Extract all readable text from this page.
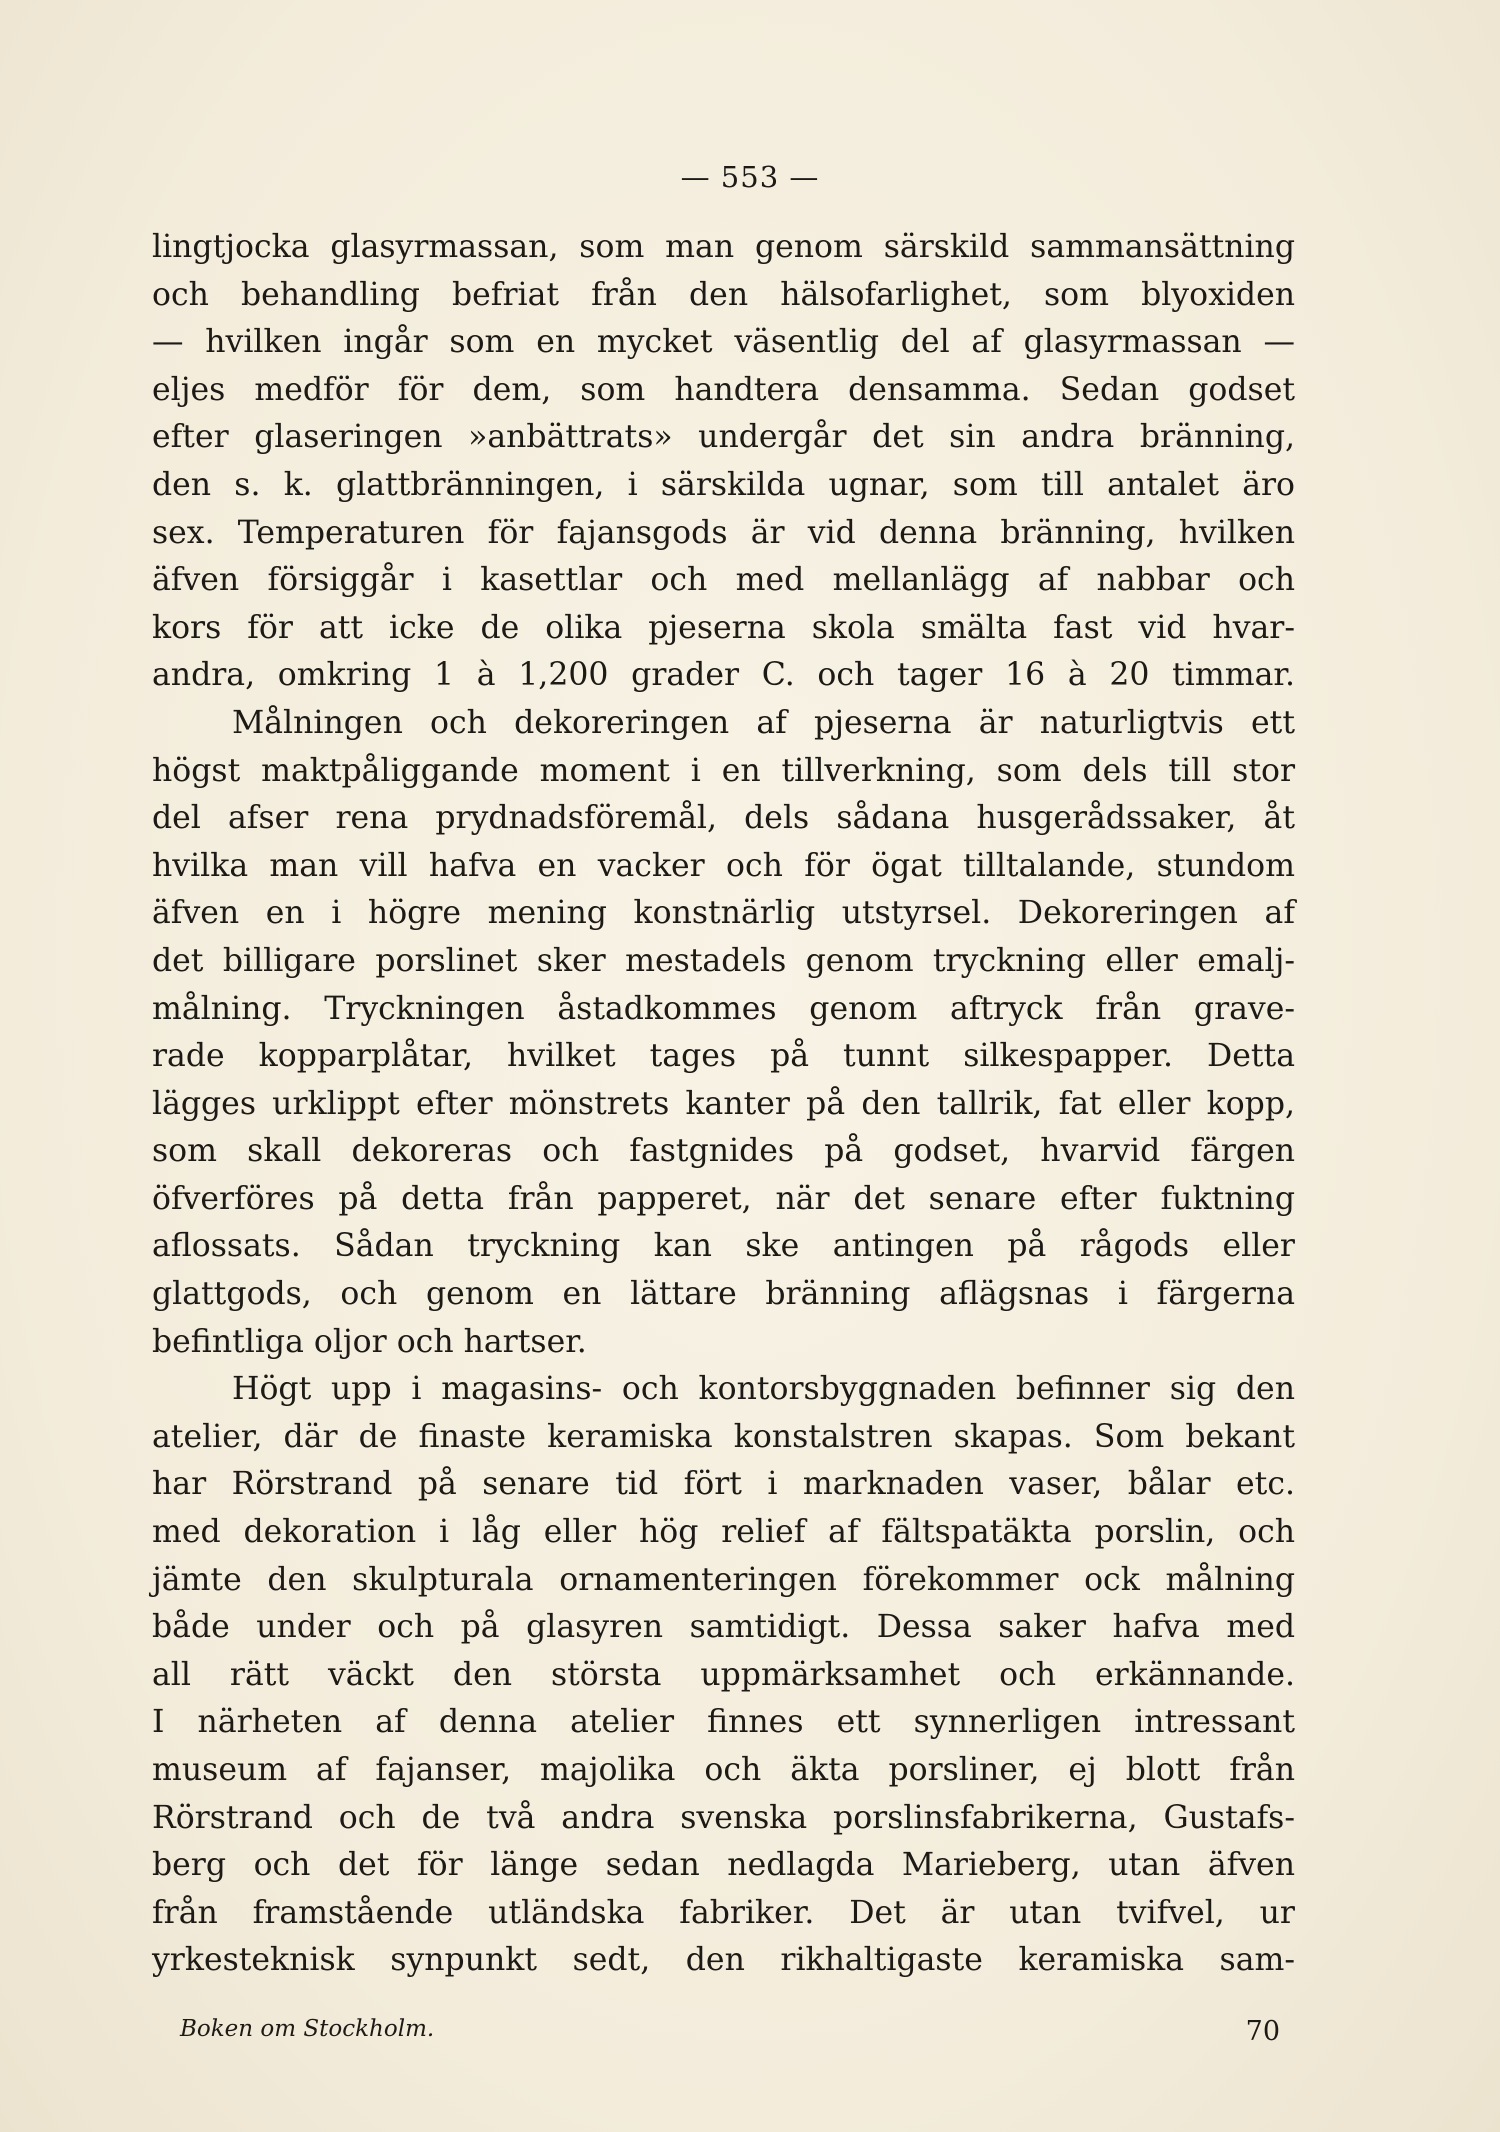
— 553 —
lingtjocka glasyrmassan, som man genom särskild sammansättning
och behandling befriat från den hälsofarlighet, som blyoxiden
— hvilken ingår som en mycket väsentlig del af glasyrmassan —
eljes medför för dem, som handtera densamma. Sedan godset
efter glaseringen »anbättrats» undergår det sin andra bränning,
den s. k. glattbränningen, i särskilda ugnar, som till antalet äro
sex. Temperaturen för fajansgods är vid denna bränning, hvilken
äfven försiggår i kasettlar och med mellanlägg af nabbar och
kors för att icke de olika pjeserna skola smälta fast vid hvar-
andra, omkring 1 à 1,200 grader C. och tager 16 à 20 timmar.
Målningen och dekoreringen af pjeserna är naturligtvis ett
högst maktpåliggande moment i en tillverkning, som dels till stor
del afser rena prydnadsföremål, dels sådana husgerådssaker, åt
hvilka man vill hafva en vacker och för ögat tilltalande, stundom
äfven en i högre mening konstnärlig utstyrsel. Dekoreringen af
det billigare porslinet sker mestadels genom tryckning eller emalj-
målning. Tryckningen åstadkommes genom aftryck från grave-
rade kopparplåtar, hvilket tages på tunnt silkespapper. Detta
lägges urklippt efter mönstrets kanter på den tallrik, fat eller kopp,
som skall dekoreras och fastgnides på godset, hvarvid färgen
öfverföres på detta från papperet, när det senare efter fuktning
aflossats. Sådan tryckning kan ske antingen på rågods eller
glattgods, och genom en lättare bränning aflägsnas i färgerna
befintliga oljor och hartser.
Högt upp i magasins- och kontorsbyggnaden befinner sig den
atelier, där de finaste keramiska konstalstren skapas. Som bekant
har Rörstrand på senare tid fört i marknaden vaser, bålar etc.
med dekoration i låg eller hög relief af fältspatäkta porslin, och
jämte den skulpturala ornamenteringen förekommer ock målning
både under och på glasyren samtidigt. Dessa saker hafva med
all rätt väckt den största uppmärksamhet och erkännande.
I närheten af denna atelier finnes ett synnerligen intressant
museum af fajanser, majolika och äkta porsliner, ej blott från
Rörstrand och de två andra svenska porslinsfabrikerna, Gustafs-
berg och det för länge sedan nedlagda Marieberg, utan äfven
från framstående utländska fabriker. Det är utan tvifvel, ur
yrkesteknisk synpunkt sedt, den rikhaltigaste keramiska sam-
Boken om Stockholm.	70
